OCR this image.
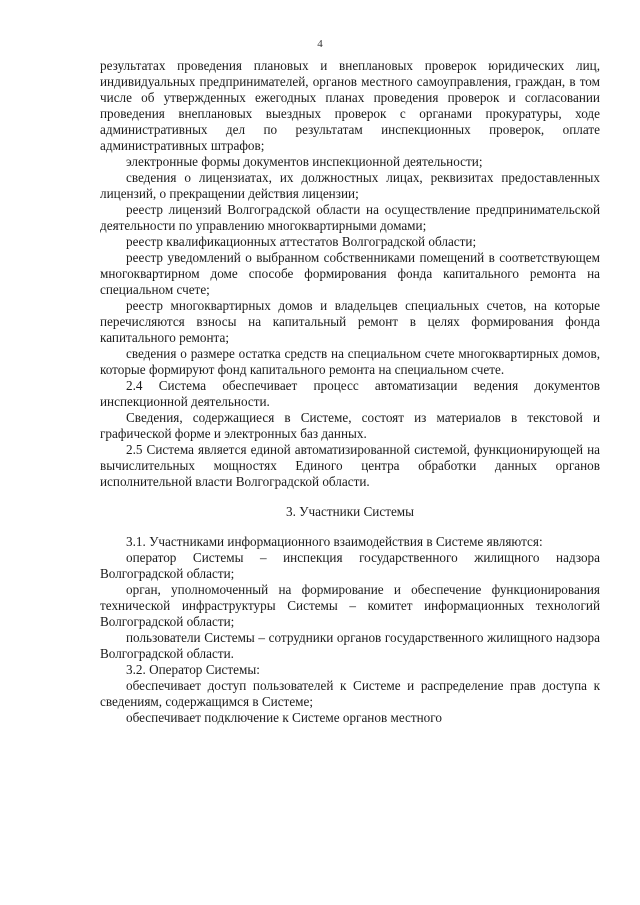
4

результатах проведения плановых и внеплановых проверок юридических лиц, индивидуальных предпринимателей, органов местного самоуправления, граждан, в том числе об утвержденных ежегодных планах проведения проверок и согласовании проведения внеплановых выездных проверок с органами прокуратуры, ходе административных дел по результатам инспекционных проверок, оплате административных штрафов;

электронные формы документов инспекционной деятельности;

сведения о лицензиатах, их должностных лицах, реквизитах предоставленных лицензий, о прекращении действия лицензии;

реестр лицензий Волгоградской области на осуществление предпринимательской деятельности по управлению многоквартирными домами;

реестр квалификационных аттестатов Волгоградской области;

реестр уведомлений о выбранном собственниками помещений в соответствующем многоквартирном доме способе формирования фонда капитального ремонта на специальном счете;

реестр многоквартирных домов и владельцев специальных счетов, на которые перечисляются взносы на капитальный ремонт в целях формирования фонда капитального ремонта;

сведения о размере остатка средств на специальном счете многоквартирных домов, которые формируют фонд капитального ремонта на специальном счете.

2.4 Система обеспечивает процесс автоматизации ведения документов инспекционной деятельности.

Сведения, содержащиеся в Системе, состоят из материалов в текстовой и графической форме и электронных баз данных.

2.5 Система является единой автоматизированной системой, функционирующей на вычислительных мощностях Единого центра обработки данных органов исполнительной власти Волгоградской области.

3. Участники Системы

3.1. Участниками информационного взаимодействия в Системе являются:

оператор Системы – инспекция государственного жилищного надзора Волгоградской области;

орган, уполномоченный на формирование и обеспечение функционирования технической инфраструктуры Системы – комитет информационных технологий Волгоградской области;

пользователи Системы – сотрудники органов государственного жилищного надзора Волгоградской области.

3.2. Оператор Системы:

обеспечивает доступ пользователей к Системе и распределение прав доступа к сведениям, содержащимся в Системе;

обеспечивает подключение к Системе органов местного
